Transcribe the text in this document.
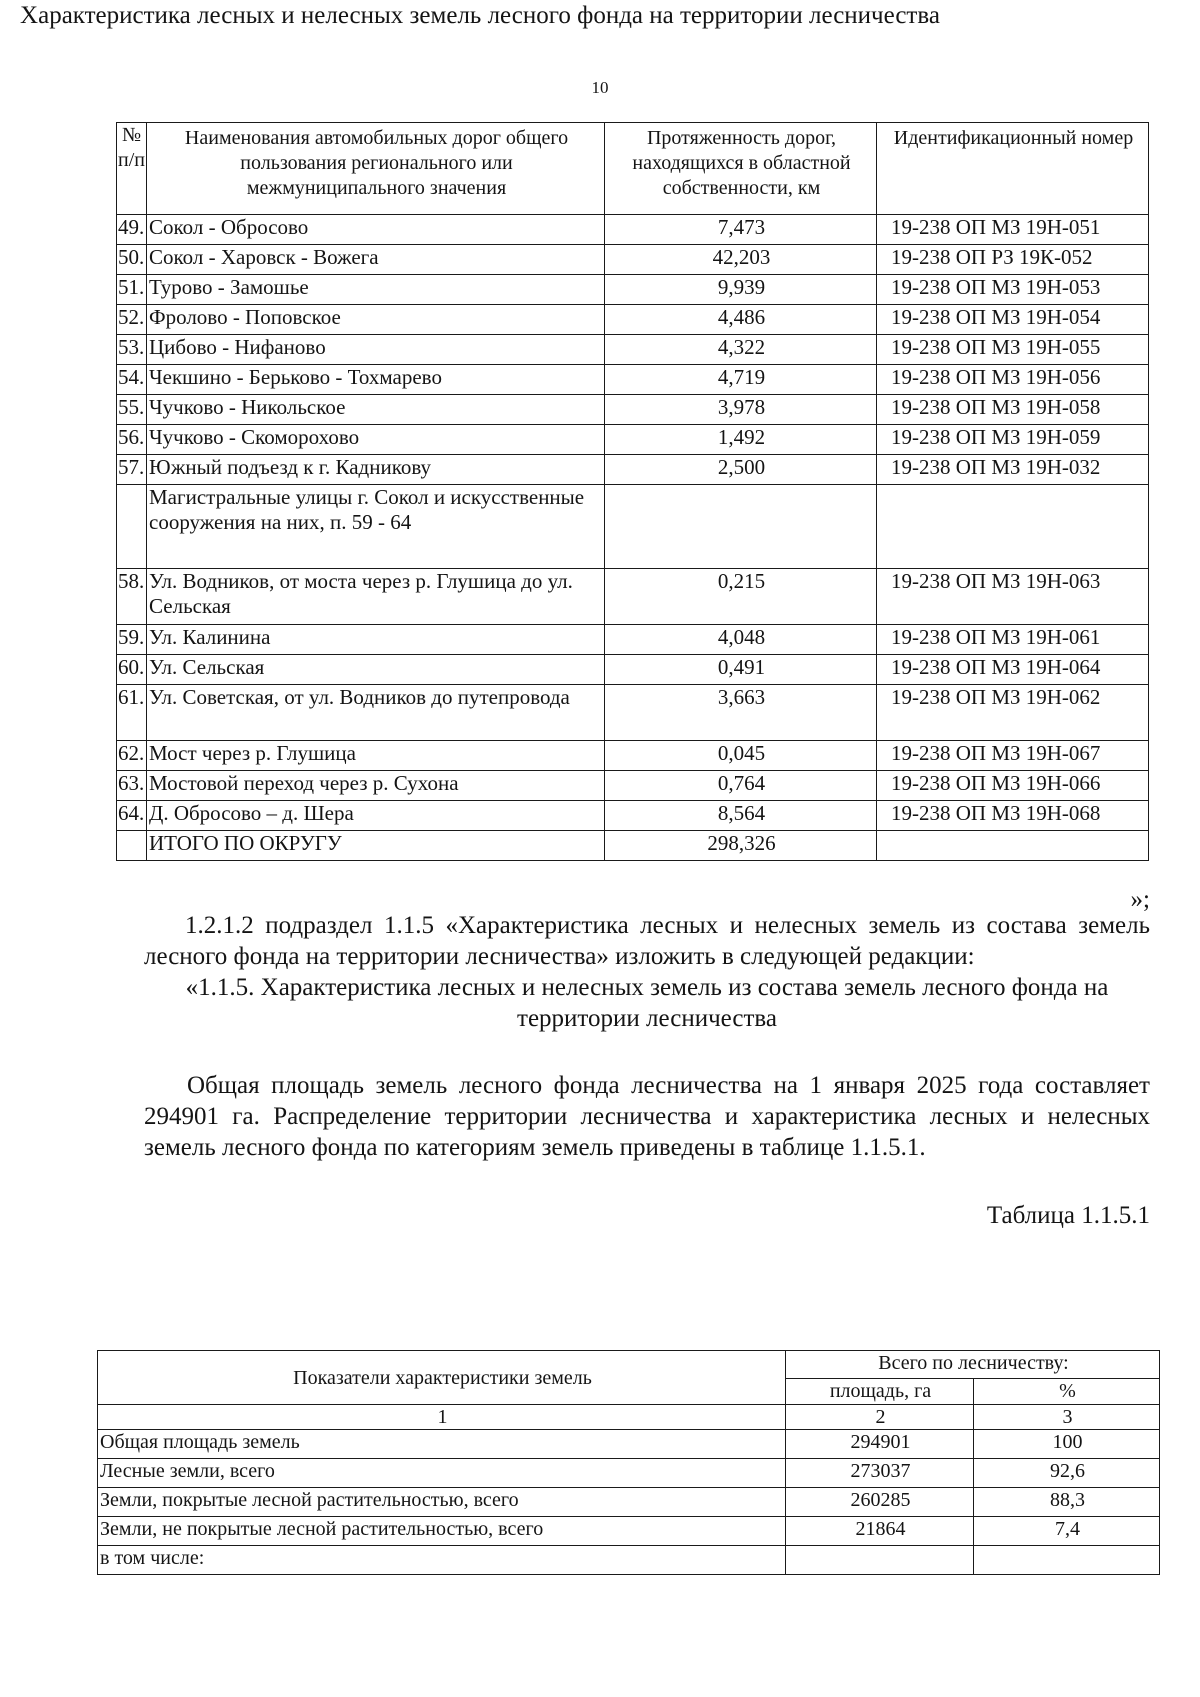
10
№ п/п	Наименования автомобильных дорог общего пользования регионального или межмуниципального значения	Протяженность дорог, находящихся в областной собственности, км	Идентификационный номер
49.	Сокол - Обросово	7,473	19-238 ОП МЗ 19Н-051
50.	Сокол - Харовск - Вожега	42,203	19-238 ОП РЗ 19К-052
51.	Турово - Замошье	9,939	19-238 ОП МЗ 19Н-053
52.	Фролово - Поповское	4,486	19-238 ОП МЗ 19Н-054
53.	Цибово - Нифаново	4,322	19-238 ОП МЗ 19Н-055
54.	Чекшино - Берьково - Тохмарево	4,719	19-238 ОП МЗ 19Н-056
55.	Чучково - Никольское	3,978	19-238 ОП МЗ 19Н-058
56.	Чучково - Скоморохово	1,492	19-238 ОП МЗ 19Н-059
57.	Южный подъезд к г. Кадникову	2,500	19-238 ОП МЗ 19Н-032
	Магистральные улицы г. Сокол и искусственные сооружения на них, п. 59 - 64		
58.	Ул. Водников, от моста через р. Глушица до ул. Сельская	0,215	19-238 ОП МЗ 19Н-063
59.	Ул. Калинина	4,048	19-238 ОП МЗ 19Н-061
60.	Ул. Сельская	0,491	19-238 ОП МЗ 19Н-064
61.	Ул. Советская, от ул. Водников до путепровода	3,663	19-238 ОП МЗ 19Н-062
62.	Мост через р. Глушица	0,045	19-238 ОП МЗ 19Н-067
63.	Мостовой переход через р. Сухона	0,764	19-238 ОП МЗ 19Н-066
64.	Д. Обросово – д. Шера	8,564	19-238 ОП МЗ 19Н-068
	ИТОГО ПО ОКРУГУ	298,326	
»;
1.2.1.2 подраздел 1.1.5 «Характеристика лесных и нелесных земель из состава земель лесного фонда на территории лесничества» изложить в следующей редакции:
«1.1.5. Характеристика лесных и нелесных земель из состава земель лесного фонда на территории лесничества
Общая площадь земель лесного фонда лесничества на 1 января 2025 года составляет 294901 га. Распределение территории лесничества и характеристика лесных и нелесных земель лесного фонда по категориям земель приведены в таблице 1.1.5.1.
Таблица 1.1.5.1
Характеристика лесных и нелесных земель лесного фонда на территории лесничества
Показатели характеристики земель	Всего по лесничеству:	
	площадь, га	%
1	2	3
Общая площадь земель	294901	100
Лесные земли, всего	273037	92,6
Земли, покрытые лесной растительностью, всего	260285	88,3
Земли, не покрытые лесной растительностью, всего	21864	7,4
в том числе:		
